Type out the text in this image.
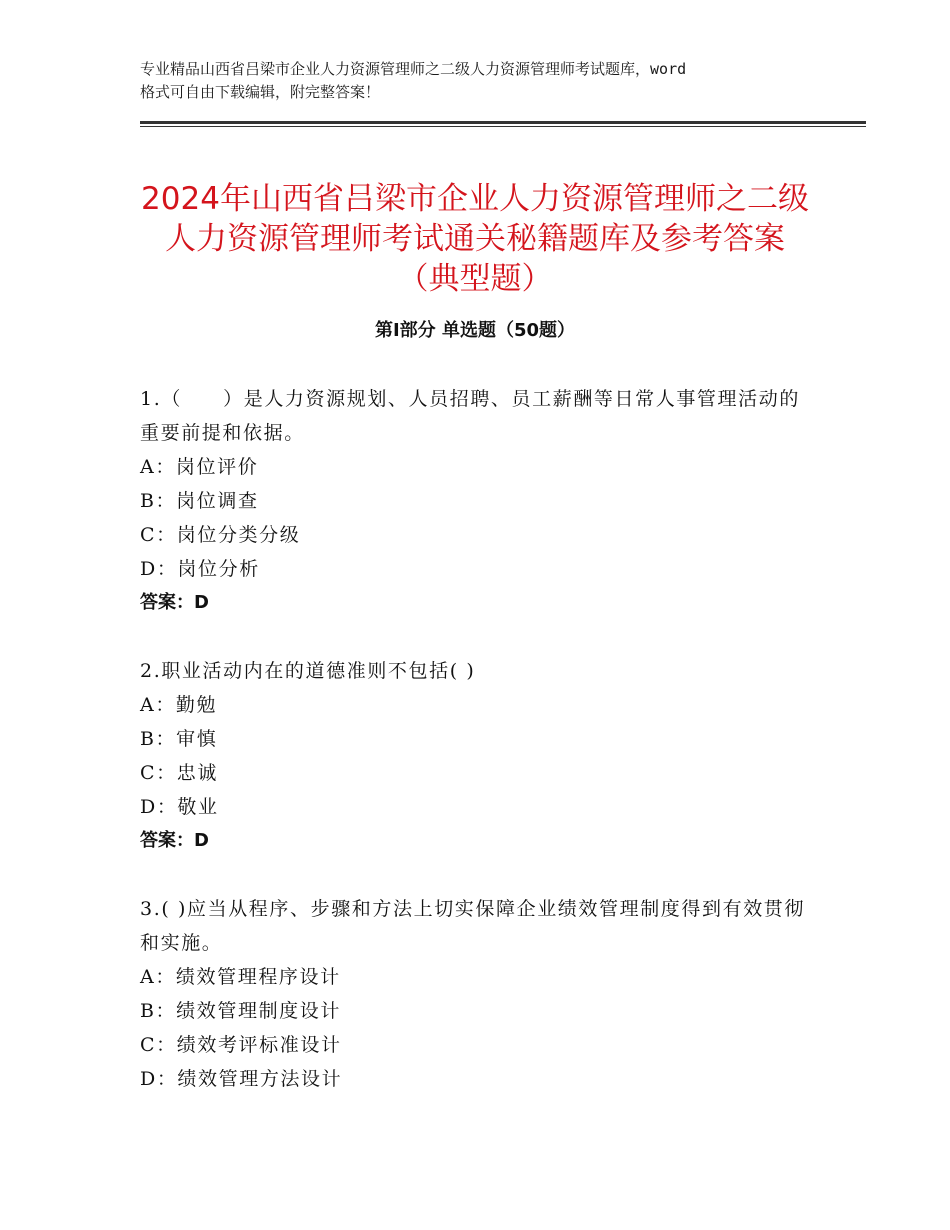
专业精品山西省吕梁市企业人力资源管理师之二级人力资源管理师考试题库，word
格式可自由下载编辑，附完整答案！
2024年山西省吕梁市企业人力资源管理师之二级人力资源管理师考试通关秘籍题库及参考答案（典型题）
第Ⅰ部分 单选题（50题）
1.（　　）是人力资源规划、人员招聘、员工薪酬等日常人事管理活动的重要前提和依据。
A：岗位评价
B：岗位调查
C：岗位分类分级
D：岗位分析
答案：D
2.职业活动内在的道德准则不包括( )
A：勤勉
B：审慎
C：忠诚
D：敬业
答案：D
3.( )应当从程序、步骤和方法上切实保障企业绩效管理制度得到有效贯彻和实施。
A：绩效管理程序设计
B：绩效管理制度设计
C：绩效考评标准设计
D：绩效管理方法设计
